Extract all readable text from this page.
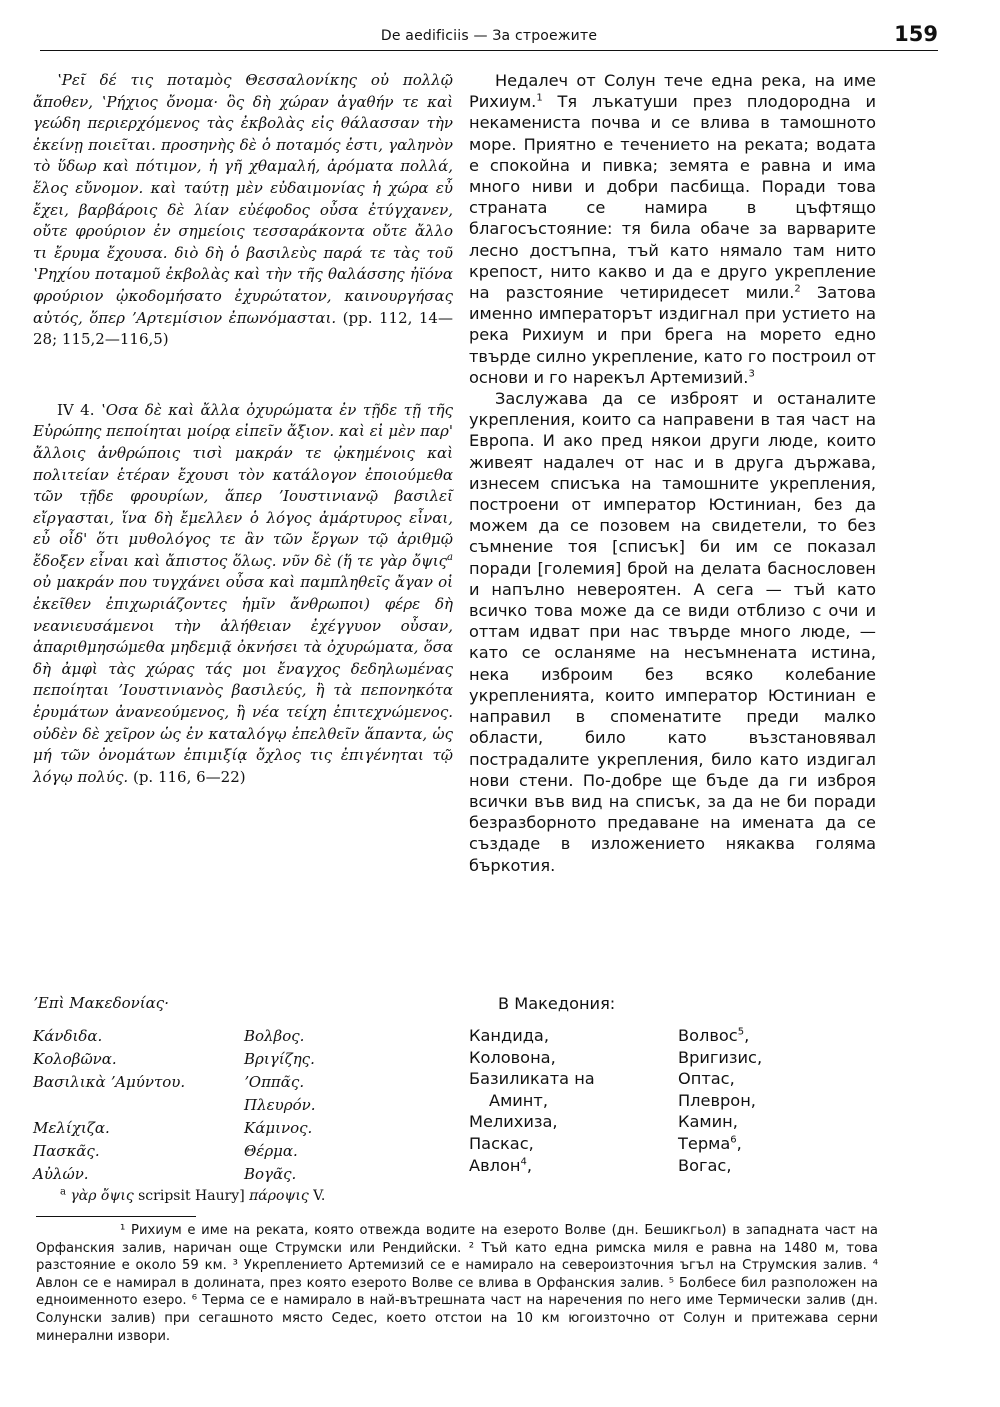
De aedificiis — За строежите	159

ʽΡεῖ δέ τις ποταμὸς Θεσσαλονίκης οὐ πολλῷ ἄποθεν, ʽΡήχιος ὄνομα· ὃς δὴ χώραν ἀγαθήν τε καὶ γεώδη περιερχόμενος τὰς ἐκβολὰς εἰς θάλασσαν τὴν ἐκείνῃ ποιεῖται. προσηνὴς δὲ ὁ ποταμός ἐστι, γαληνὸν τὸ ὕδωρ καὶ πότιμον, ἡ γῆ χθαμαλή, ἀρόματα πολλά, ἕλος εὔνομον. καὶ ταύτῃ μὲν εὐδαιμονίας ἡ χώρα εὖ ἔχει, βαρβάροις δὲ λίαν εὐέφοδος οὖσα ἐτύγχανεν, οὔτε φρούριον ἐν σημείοις τεσσαράκοντα οὔτε ἄλλο τι ἔρυμα ἔχουσα. διὸ δὴ ὁ βασιλεὺς παρά τε τὰς τοῦ ʽΡηχίου ποταμοῦ ἐκβολὰς καὶ τὴν τῆς θαλάσσης ἠϊόνα φρούριον ᾠκοδομήσατο ἐχυρώτατον, καινουργήσας αὐτός, ὅπερ ʼΑρτεμίσιον ἐπωνόμασται. (pp. 112, 14—28; 115,2—116,5)

IV 4. ʽΟσα δὲ καὶ ἄλλα ὀχυρώματα ἐν τῇδε τῇ τῆς Εὐρώπης πεποίηται μοίρᾳ εἰπεῖν ἄξιον. καὶ εἰ μὲν παρ' ἄλλοις ἀνθρώποις τισὶ μακράν τε ᾠκημένοις καὶ πολιτείαν ἑτέραν ἔχουσι τὸν κατάλογον ἐποιούμεθα τῶν τῇδε φρουρίων, ἅπερ ʼΙουστινιανῷ βασιλεῖ εἴργασται, ἵνα δὴ ἔμελλεν ὁ λόγος ἀμάρτυρος εἶναι, εὖ οἶδ' ὅτι μυθολόγος τε ἂν τῶν ἔργων τῷ ἀριθμῷ ἔδοξεν εἶναι καὶ ἄπιστος ὅλως. νῦν δὲ (ἥ τε γὰρ ὄψις$^a$ οὐ μακράν που τυγχάνει οὖσα καὶ παμπληθεῖς ἄγαν οἱ ἐκεῖθεν ἐπιχωριάζοντες ἡμῖν ἄνθρωποι) φέρε δὴ νεανιευσάμενοι τὴν ἀλήθειαν ἐχέγγυον οὖσαν, ἀπαριθμησώμεθα μηδεμιᾷ ὀκνήσει τὰ ὀχυρώματα, ὅσα δὴ ἀμφὶ τὰς χώρας τάς μοι ἔναγχος δεδηλωμένας πεποίηται ʼΙουστινιανὸς βασιλεύς, ἢ τὰ πεπονηκότα ἐρυμάτων ἀνανεούμενος, ἢ νέα τείχη ἐπιτεχνώμενος. οὐδὲν δὲ χεῖρον ὡς ἐν καταλόγῳ ἐπελθεῖν ἅπαντα, ὡς μή τῶν ὀνομάτων ἐπιμιξίᾳ ὄχλος τις ἐπιγένηται τῷ λόγῳ πολύς. (p. 116, 6—22)

Недалеч от Солун тече една река, на име Рихиум.$^1$ Тя лъкатуши през плодородна и некамениста почва и се влива в тамошното море. Приятно е течението на реката; водата е спокойна и пивка; земята е равна и има много ниви и добри пасбища. Поради това страната се намира в цъфтящо благосъстояние: тя била обаче за варварите лесно достъпна, тъй като нямало там нито крепост, нито какво и да е друго укрепление на разстояние четиридесет мили.$^2$ Затова именно императорът издигнал при устието на река Рихиум и при брега на морето едно твърде силно укрепление, като го построил от основи и го нарекъл Артемизий.$^3$

Заслужава да се изброят и останалите укрепления, които са направени в тая част на Европа. И ако пред някои други люде, които живеят надалеч от нас и в друга държава, изнесем списъка на тамошните укрепления, построени от император Юстиниан, без да можем да се позовем на свидетели, то без съмнение тоя [списък] би им се показал поради [големия] брой на делата баснословен и напълно невероятен. А сега — тъй като всичко това може да се види отблизо с очи и оттам идват при нас твърде много люде, — като се осланяме на несъмнената истина, нека изброим без всяко колебание укрепленията, които император Юстиниан е направил в споменатите преди малко области, било като възстановявал пострадалите укрепления, било като издигал нови стени. По-добре ще бъде да ги изброя всички във вид на списък, за да не би поради безразборното предаване на имената да се създаде в изложението някаква голяма бъркотия.

ʼΕπὶ Μακεδονίας·	В Македония:
Κάνδιδα.
Κολοβῶνα.
Βασιλικὰ ʼΑμύντου.
Μελίχιζα.
Πασκᾶς.
Αὐλών.
Βολβος.
Βριγίζης.
ʼΟππᾶς.
Πλευρόν.
Κάμινος.
Θέρμα.
Βογᾶς.
Кандида,
Коловона,
Базиликата на
Аминт,
Мелихиза,
Паскас,
Авлон$^4$,
Волвос$^5$,
Вригизис,
Оптас,
Плеврон,
Камин,
Терма$^6$,
Вогас,
$^a$ γὰρ ὄψις scripsit Haury] πάροψις V.
¹ Рихиум е име на реката, която отвежда водите на езерото Волве (дн. Бешикгьол) в западната част на Орфанския залив, наричан още Струмски или Рендийски. ² Тъй като една римска миля е равна на 1480 м, това разстояние е около 59 км. ³ Укреплението Артемизий се е намирало на североизточния ъгъл на Струмския залив. ⁴ Авлон се е намирал в долината, през която езерото Волве се влива в Орфанския залив. ⁵ Болбесе бил разположен на едноименното езеро. ⁶ Терма се е намирало в най-вътрешната част на наречения по него име Термически залив (дн. Солунски залив) при сегашното място Седес, което отстои на 10 км югоизточно от Солун и притежава серни минерални извори.
